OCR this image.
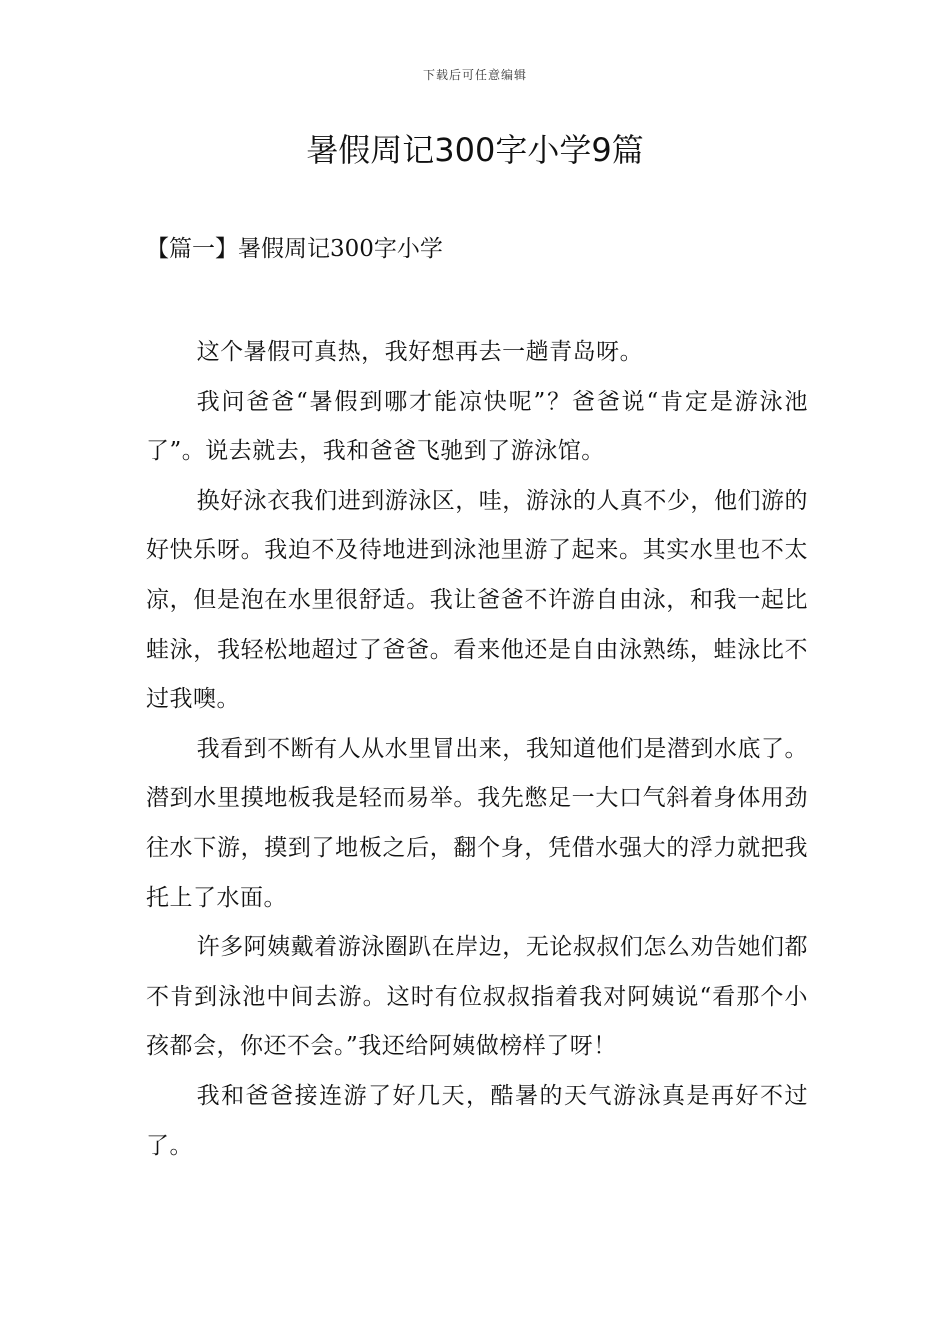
下载后可任意编辑
暑假周记300字小学9篇
【篇一】暑假周记300字小学

这个暑假可真热，我好想再去一趟青岛呀。

我问爸爸“暑假到哪才能凉快呢”？爸爸说“肯定是游泳池了”。说去就去，我和爸爸飞驰到了游泳馆。

换好泳衣我们进到游泳区，哇，游泳的人真不少，他们游的好快乐呀。我迫不及待地进到泳池里游了起来。其实水里也不太凉，但是泡在水里很舒适。我让爸爸不许游自由泳，和我一起比蛙泳，我轻松地超过了爸爸。看来他还是自由泳熟练，蛙泳比不过我噢。

我看到不断有人从水里冒出来，我知道他们是潜到水底了。潜到水里摸地板我是轻而易举。我先憋足一大口气斜着身体用劲往水下游，摸到了地板之后，翻个身，凭借水强大的浮力就把我托上了水面。

许多阿姨戴着游泳圈趴在岸边，无论叔叔们怎么劝告她们都不肯到泳池中间去游。这时有位叔叔指着我对阿姨说“看那个小孩都会，你还不会。”我还给阿姨做榜样了呀！

我和爸爸接连游了好几天，酷暑的天气游泳真是再好不过了。
